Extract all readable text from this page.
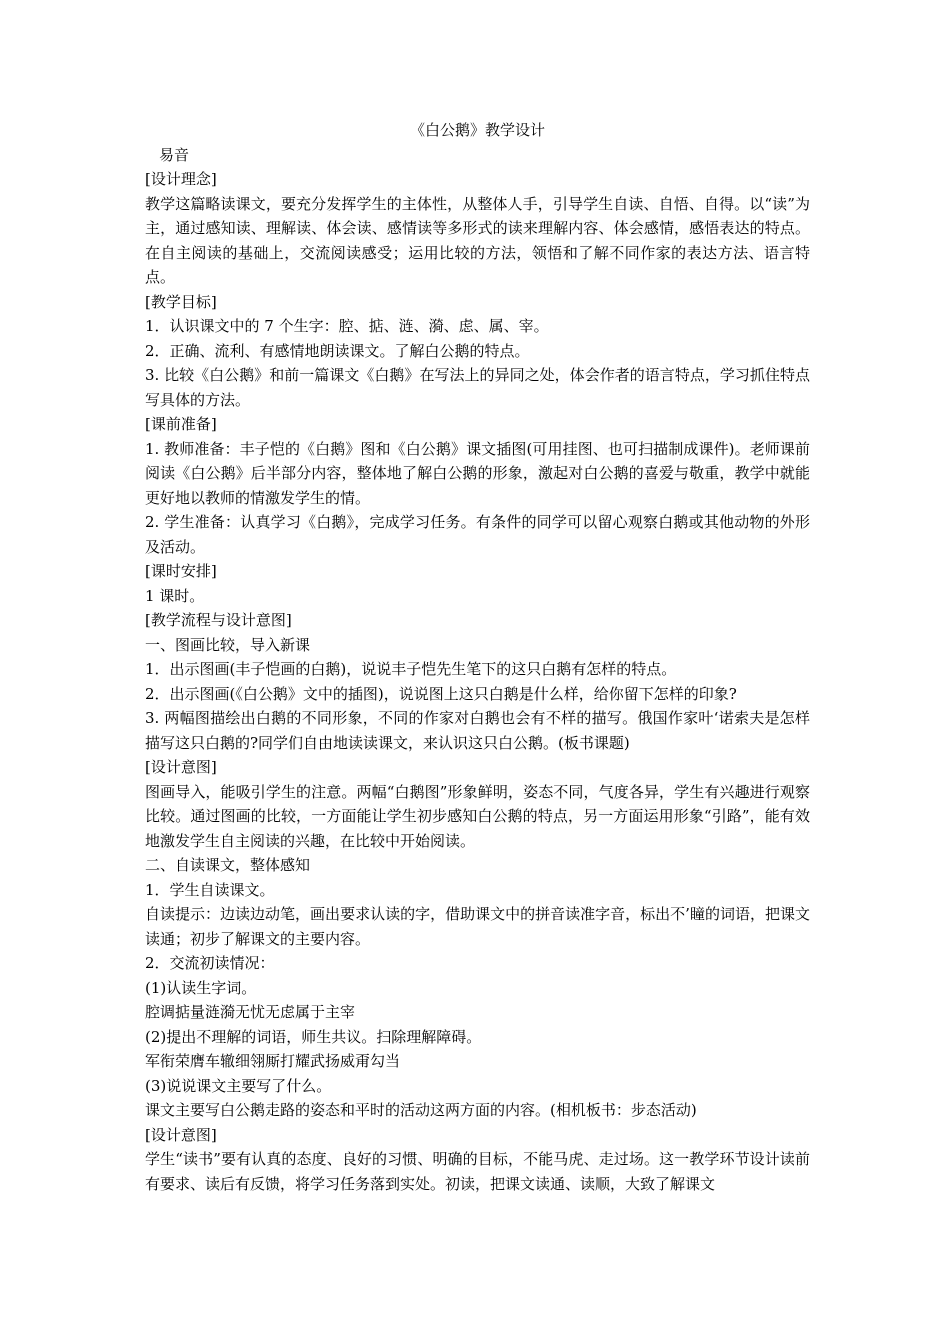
《白公鹅》教学设计

易音

[设计理念]

教学这篇略读课文，要充分发挥学生的主体性，从整体人手，引导学生自读、自悟、自得。以“读”为主，通过感知读、理解读、体会读、感情读等多形式的读来理解内容、体会感情，感悟表达的特点。在自主阅读的基础上，交流阅读感受；运用比较的方法，领悟和了解不同作家的表达方法、语言特点。

[教学目标]

1．认识课文中的 7 个生字：腔、掂、涟、漪、虑、属、宰。

2．正确、流利、有感情地朗读课文。了解白公鹅的特点。

3. 比较《白公鹅》和前一篇课文《白鹅》在写法上的异同之处，体会作者的语言特点，学习抓住特点写具体的方法。

[课前准备]

1. 教师准备：丰子恺的《白鹅》图和《白公鹅》课文插图(可用挂图、也可扫描制成课件)。老师课前阅读《白公鹅》后半部分内容，整体地了解白公鹅的形象，激起对白公鹅的喜爱与敬重，教学中就能更好地以教师的情激发学生的情。

2. 学生准备：认真学习《白鹅》，完成学习任务。有条件的同学可以留心观察白鹅或其他动物的外形及活动。

[课时安排]

1 课时。

[教学流程与设计意图]

一、图画比较，导入新课

1．出示图画(丰子恺画的白鹅)，说说丰子恺先生笔下的这只白鹅有怎样的特点。

2．出示图画(《白公鹅》文中的插图)，说说图上这只白鹅是什么样，给你留下怎样的印象?

3. 两幅图描绘出白鹅的不同形象，不同的作家对白鹅也会有不样的描写。俄国作家叶‘诺索夫是怎样描写这只白鹅的?同学们自由地读读课文，来认识这只白公鹅。(板书课题)

[设计意图]

图画导入，能吸引学生的注意。两幅“白鹅图”形象鲜明，姿态不同，气度各异，学生有兴趣进行观察比较。通过图画的比较，一方面能让学生初步感知白公鹅的特点，另一方面运用形象“引路”，能有效地激发学生自主阅读的兴趣，在比较中开始阅读。

二、自读课文，整体感知

1．学生自读课文。

自读提示：边读边动笔，画出要求认读的字，借助课文中的拼音读准字音，标出不’瞳的词语，把课文读通；初步了解课文的主要内容。

2．交流初读情况：

(1)认读生字词。

腔调掂量涟漪无忧无虑属于主宰

(2)提出不理解的词语，师生共议。扫除理解障碍。

军衔荣膺车辙细翎厮打耀武扬威甭勾当

(3)说说课文主要写了什么。

课文主要写白公鹅走路的姿态和平时的活动这两方面的内容。(相机板书：步态活动)

[设计意图]

学生“读书”要有认真的态度、良好的习惯、明确的目标，不能马虎、走过场。这一教学环节设计读前有要求、读后有反馈，将学习任务落到实处。初读，把课文读通、读顺，大致了解课文
